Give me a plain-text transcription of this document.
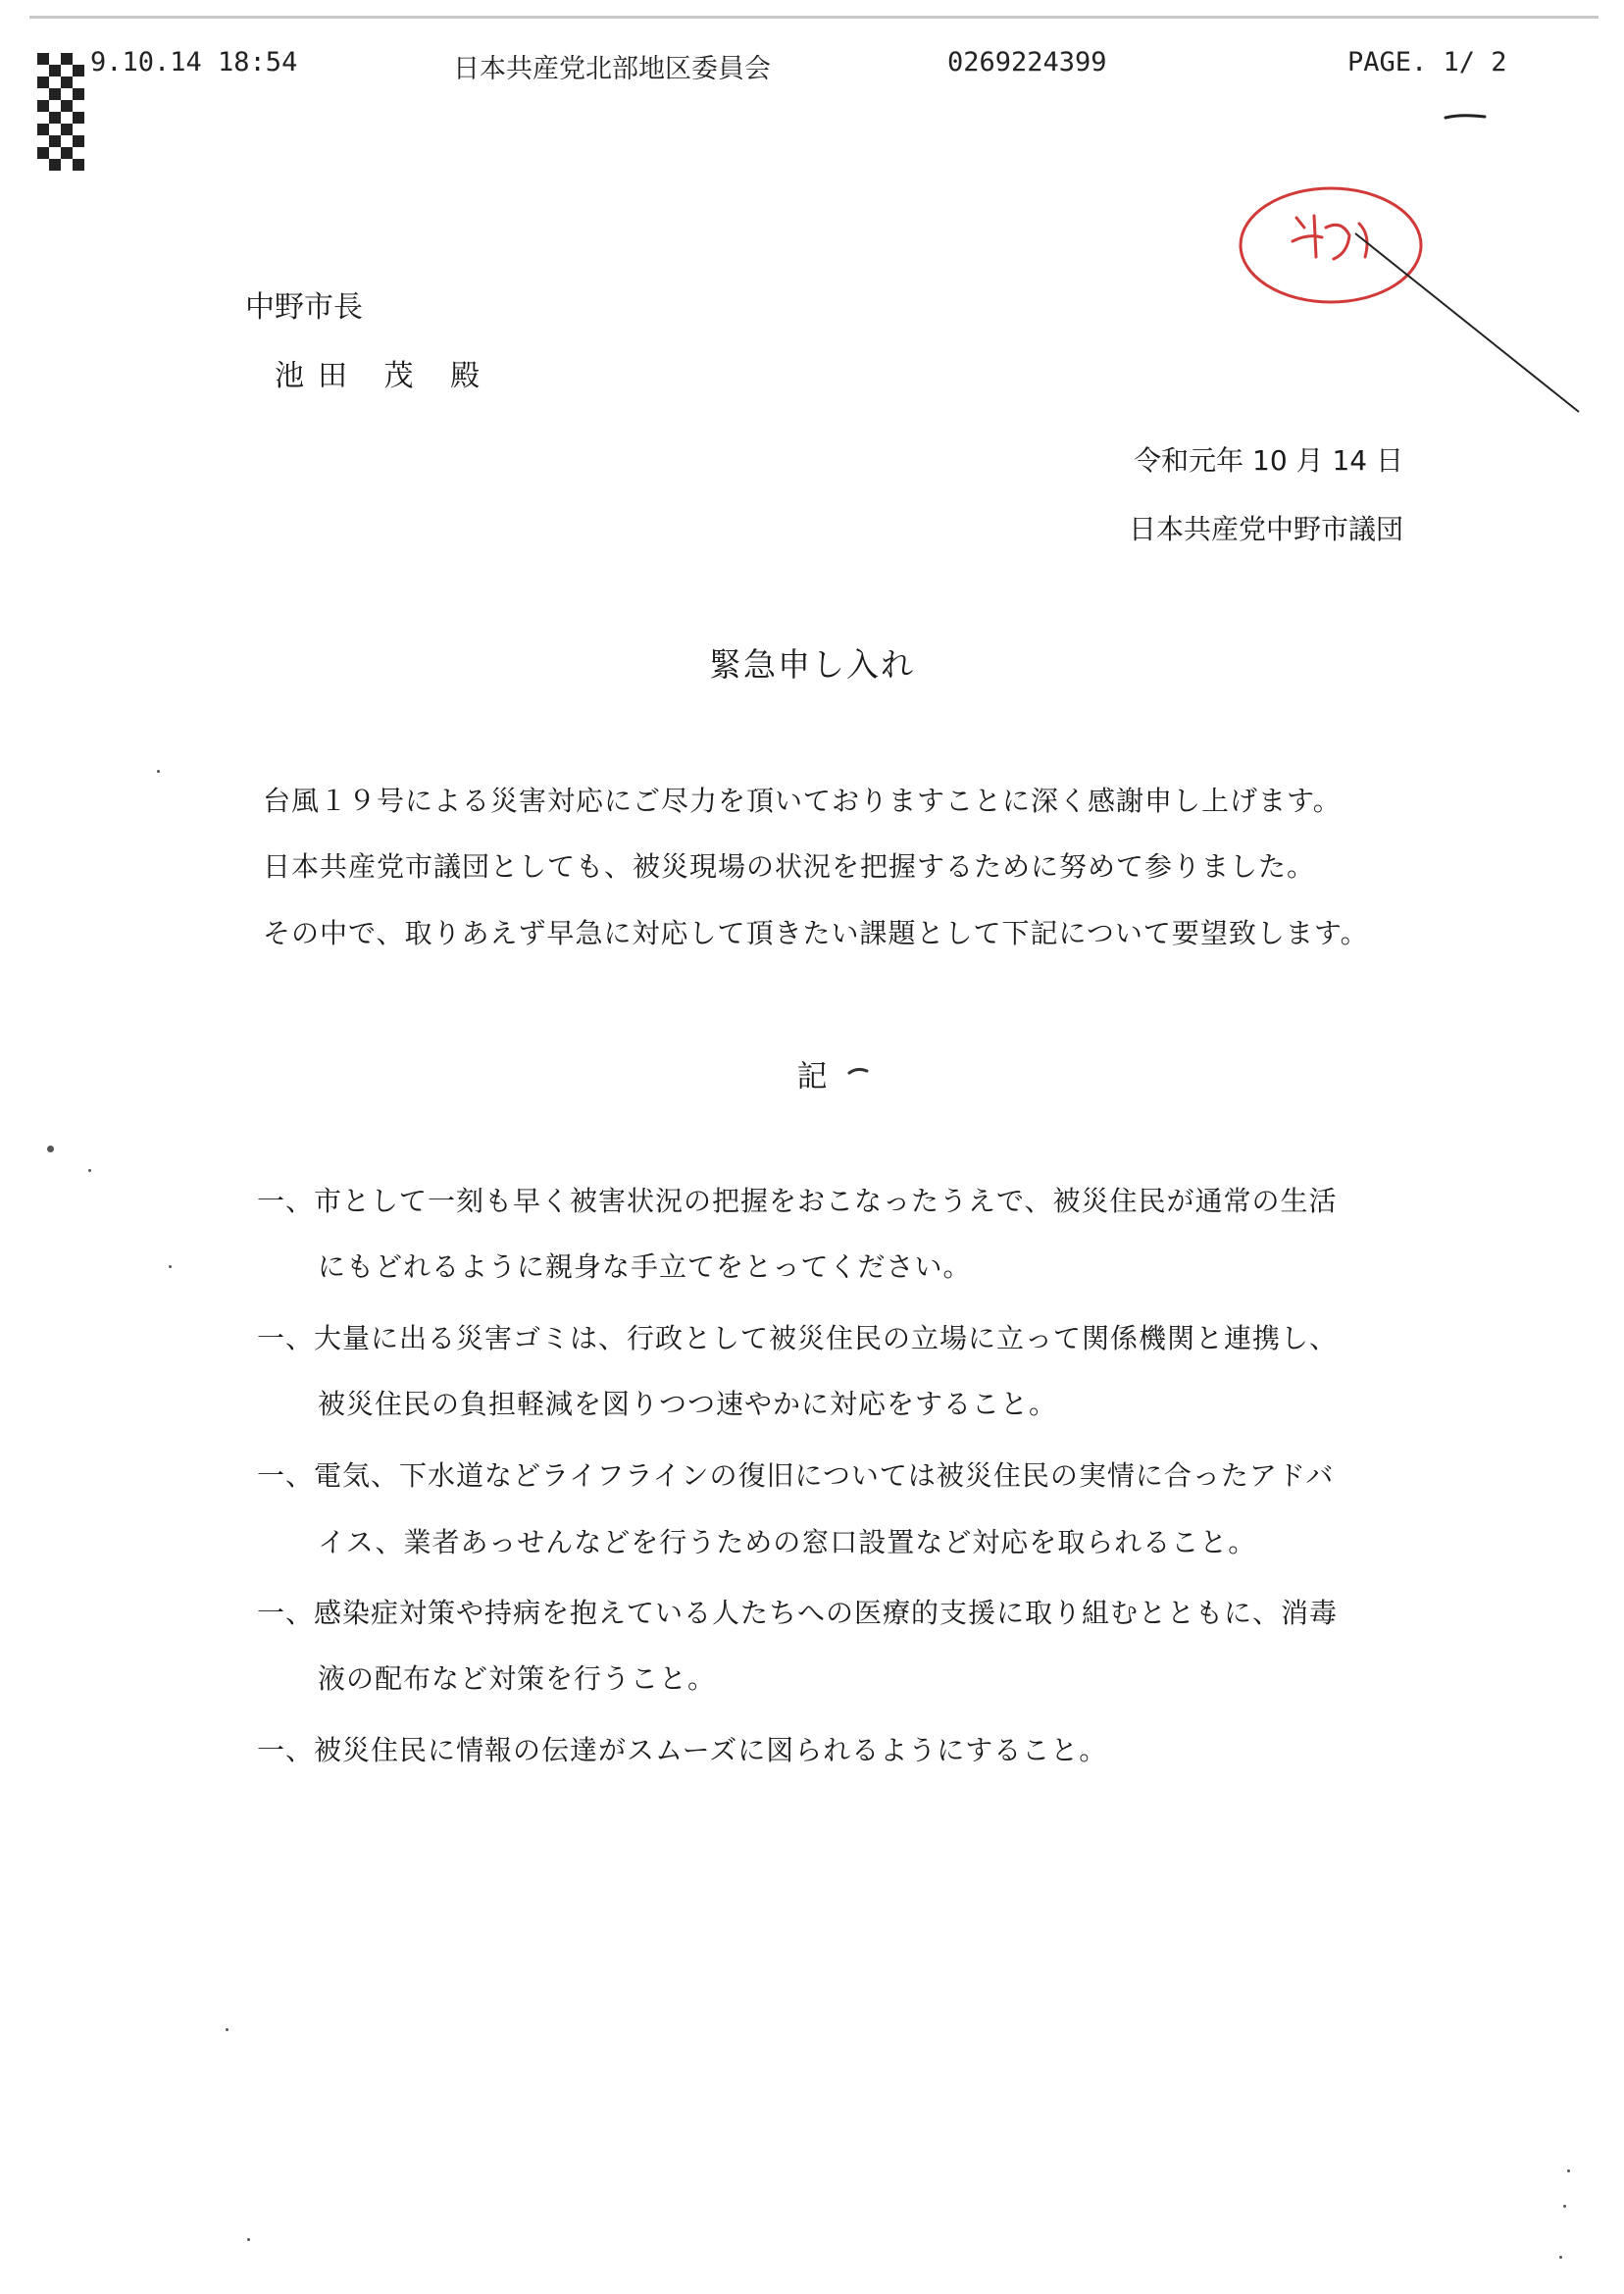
9.10.14 18:54	日本共産党北部地区委員会	0269224399	PAGE. 1/ 2
中野市長
池田 茂 殿
令和元年 10 月 14 日
日本共産党中野市議団
緊急申し入れ
台風１９号による災害対応にご尽力を頂いておりますことに深く感謝申し上げます。
日本共産党市議団としても、被災現場の状況を把握するために努めて参りました。
その中で、取りあえず早急に対応して頂きたい課題として下記について要望致します。
記
一、市として一刻も早く被害状況の把握をおこなったうえで、被災住民が通常の生活
にもどれるように親身な手立てをとってください。
一、大量に出る災害ゴミは、行政として被災住民の立場に立って関係機関と連携し、
被災住民の負担軽減を図りつつ速やかに対応をすること。
一、電気、下水道などライフラインの復旧については被災住民の実情に合ったアドバ
イス、業者あっせんなどを行うための窓口設置など対応を取られること。
一、感染症対策や持病を抱えている人たちへの医療的支援に取り組むとともに、消毒
液の配布など対策を行うこと。
一、被災住民に情報の伝達がスムーズに図られるようにすること。
